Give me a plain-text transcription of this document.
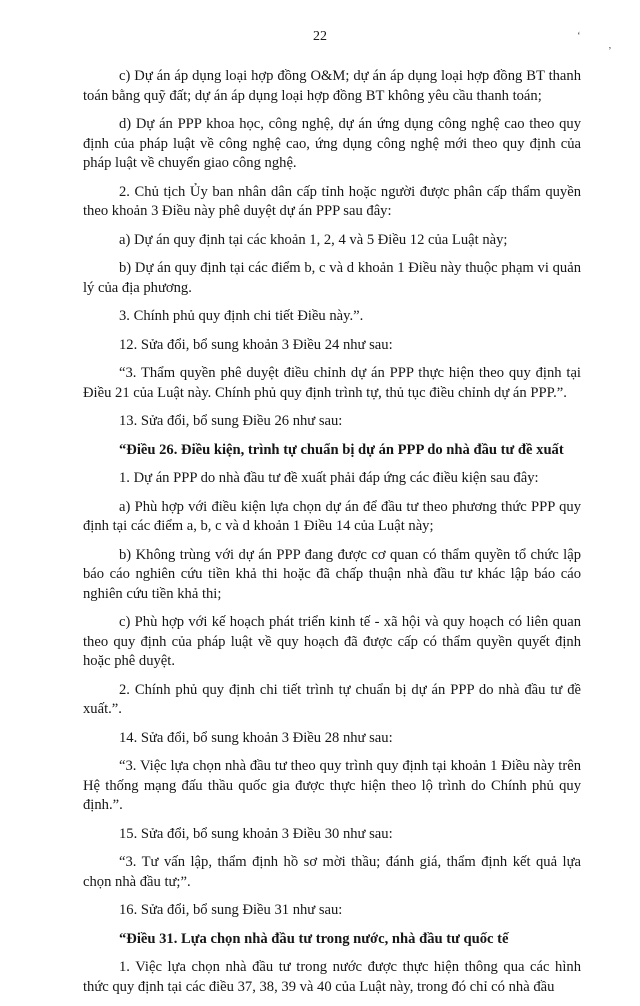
22	‘
’

c) Dự án áp dụng loại hợp đồng O&M; dự án áp dụng loại hợp đồng BT thanh toán bằng quỹ đất; dự án áp dụng loại hợp đồng BT không yêu cầu thanh toán;

d) Dự án PPP khoa học, công nghệ, dự án ứng dụng công nghệ cao theo quy định của pháp luật về công nghệ cao, ứng dụng công nghệ mới theo quy định của pháp luật về chuyển giao công nghệ.

2. Chủ tịch Ủy ban nhân dân cấp tỉnh hoặc người được phân cấp thẩm quyền theo khoản 3 Điều này phê duyệt dự án PPP sau đây:

a) Dự án quy định tại các khoản 1, 2, 4 và 5 Điều 12 của Luật này;

b) Dự án quy định tại các điểm b, c và d khoản 1 Điều này thuộc phạm vi quản lý của địa phương.

3. Chính phủ quy định chi tiết Điều này.”.

12. Sửa đổi, bổ sung khoản 3 Điều 24 như sau:

“3. Thẩm quyền phê duyệt điều chỉnh dự án PPP thực hiện theo quy định tại Điều 21 của Luật này. Chính phủ quy định trình tự, thủ tục điều chỉnh dự án PPP.”.

13. Sửa đổi, bổ sung Điều 26 như sau:

“Điều 26. Điều kiện, trình tự chuẩn bị dự án PPP do nhà đầu tư đề xuất

1. Dự án PPP do nhà đầu tư đề xuất phải đáp ứng các điều kiện sau đây:

a) Phù hợp với điều kiện lựa chọn dự án để đầu tư theo phương thức PPP quy định tại các điểm a, b, c và d khoản 1 Điều 14 của Luật này;

b) Không trùng với dự án PPP đang được cơ quan có thẩm quyền tổ chức lập báo cáo nghiên cứu tiền khả thi hoặc đã chấp thuận nhà đầu tư khác lập báo cáo nghiên cứu tiền khả thi;

c) Phù hợp với kế hoạch phát triển kinh tế - xã hội và quy hoạch có liên quan theo quy định của pháp luật về quy hoạch đã được cấp có thẩm quyền quyết định hoặc phê duyệt.

2. Chính phủ quy định chi tiết trình tự chuẩn bị dự án PPP do nhà đầu tư đề xuất.”.

14. Sửa đổi, bổ sung khoản 3 Điều 28 như sau:

“3. Việc lựa chọn nhà đầu tư theo quy trình quy định tại khoản 1 Điều này trên Hệ thống mạng đấu thầu quốc gia được thực hiện theo lộ trình do Chính phủ quy định.”.

15. Sửa đổi, bổ sung khoản 3 Điều 30 như sau:

“3. Tư vấn lập, thẩm định hồ sơ mời thầu; đánh giá, thẩm định kết quả lựa chọn nhà đầu tư;”.

16. Sửa đổi, bổ sung Điều 31 như sau:

“Điều 31. Lựa chọn nhà đầu tư trong nước, nhà đầu tư quốc tế

1. Việc lựa chọn nhà đầu tư trong nước được thực hiện thông qua các hình thức quy định tại các điều 37, 38, 39 và 40 của Luật này, trong đó chỉ có nhà đầu
